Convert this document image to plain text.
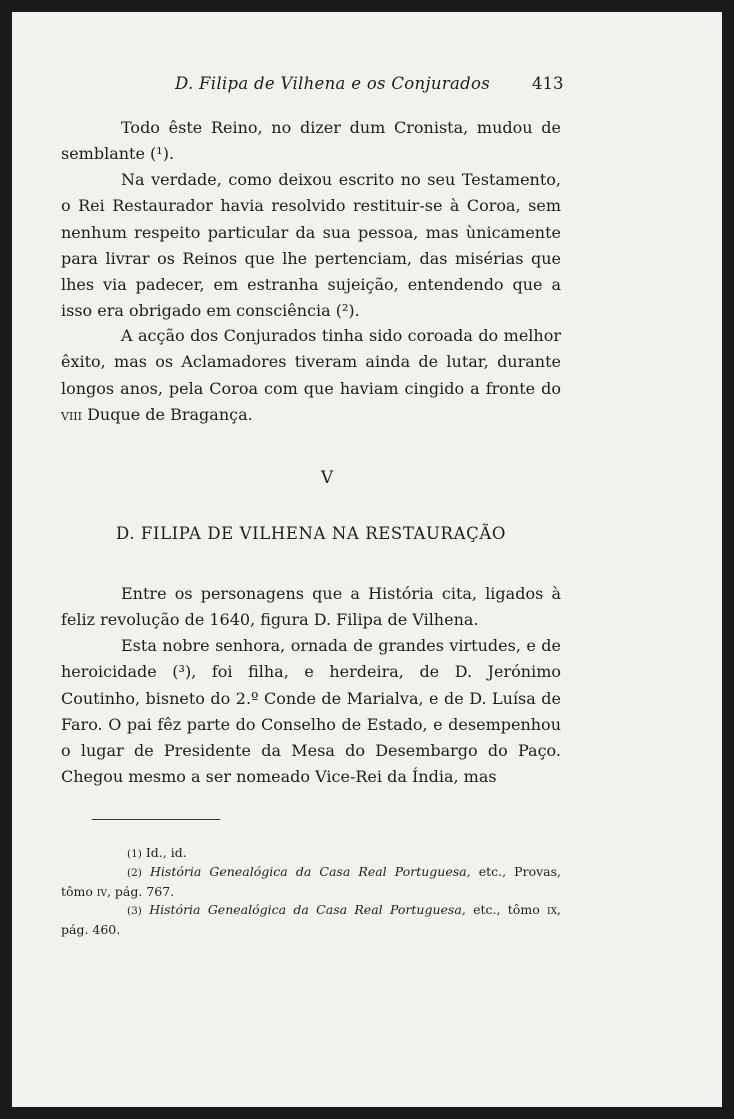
D. Filipa de Vilhena e os Conjurados	413

Todo êste Reino, no dizer dum Cronista, mudou de semblante (¹).

Na verdade, como deixou escrito no seu Testamento, o Rei Restaurador havia resolvido restituir-se à Coroa, sem nenhum respeito particular da sua pessoa, mas ùnicamente para livrar os Reinos que lhe pertenciam, das misérias que lhes via padecer, em estranha sujeição, entendendo que a isso era obrigado em consciência (²).

A acção dos Conjurados tinha sido coroada do melhor êxito, mas os Aclamadores tiveram ainda de lutar, durante longos anos, pela Coroa com que haviam cingido a fronte do viii Duque de Bragança.

V
D. FILIPA DE VILHENA NA RESTAURAÇÃO

Entre os personagens que a História cita, ligados à feliz revolução de 1640, figura D. Filipa de Vilhena.

Esta nobre senhora, ornada de grandes virtudes, e de heroicidade (³), foi filha, e herdeira, de D. Jerónimo Coutinho, bisneto do 2.º Conde de Marialva, e de D. Luísa de Faro. O pai fêz parte do Conselho de Estado, e desempenhou o lugar de Presidente da Mesa do Desembargo do Paço. Chegou mesmo a ser nomeado Vice-Rei da Índia, mas

(1) Id., id.

(2) História Genealógica da Casa Real Portuguesa, etc., Provas, tômo iv, pág. 767.

(3) História Genealógica da Casa Real Portuguesa, etc., tômo ix, pág. 460.
